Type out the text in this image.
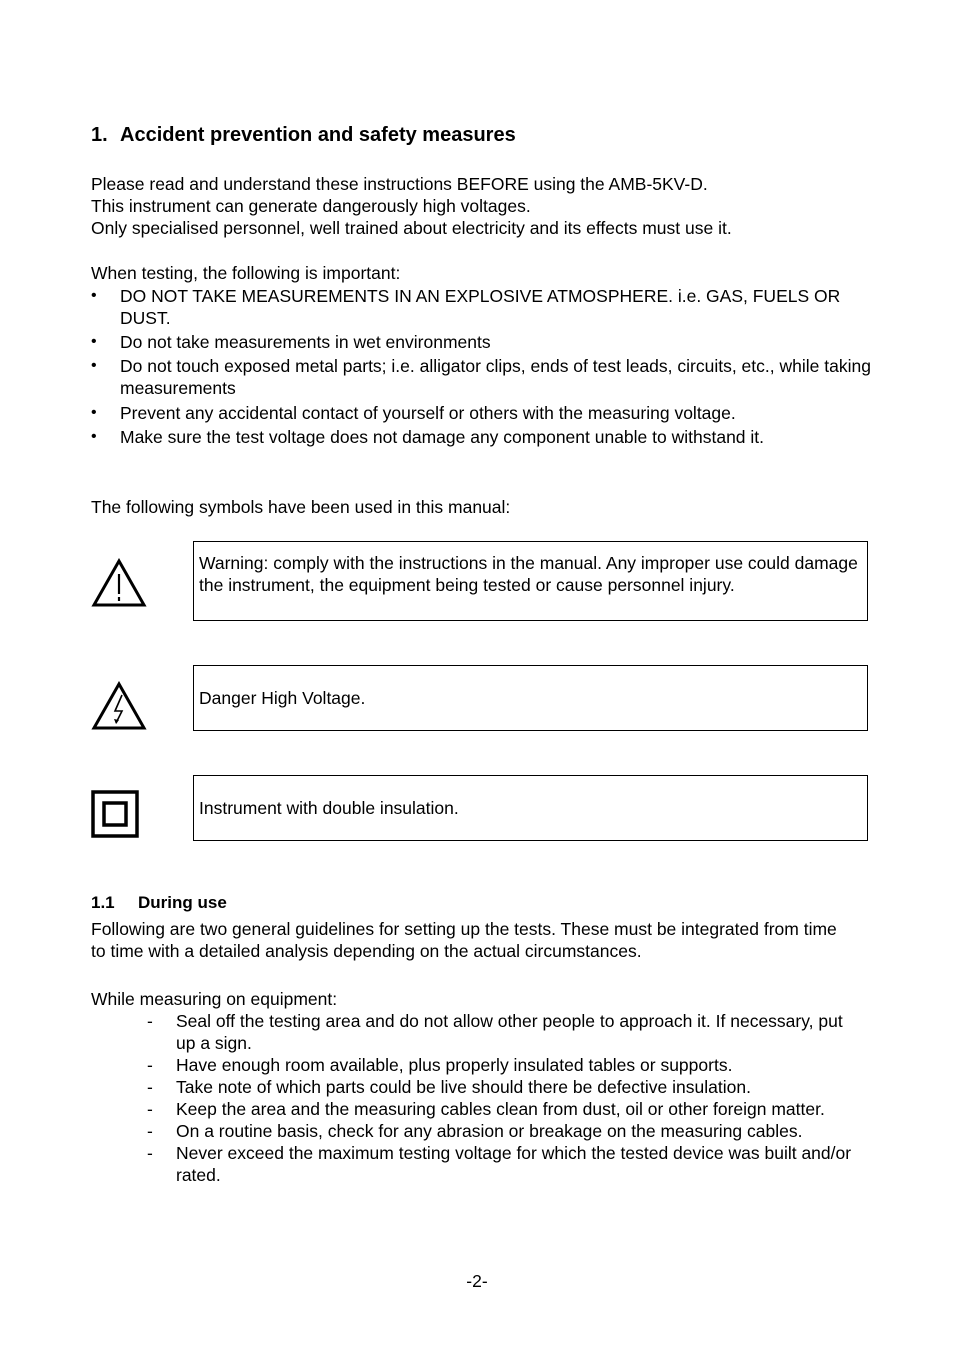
1. Accident prevention and safety measures
Please read and understand these instructions BEFORE using the AMB-5KV-D.
This instrument can generate dangerously high voltages.
Only specialised personnel, well trained about electricity and its effects must use it.

When testing, the following is important:

• DO NOT TAKE MEASUREMENTS IN AN EXPLOSIVE ATMOSPHERE. i.e. GAS, FUELS OR DUST.
• Do not take measurements in wet environments
• Do not touch exposed metal parts; i.e. alligator clips, ends of test leads, circuits, etc., while taking measurements
• Prevent any accidental contact of yourself or others with the measuring voltage.
• Make sure the test voltage does not damage any component unable to withstand it.

The following symbols have been used in this manual:

Warning: comply with the instructions in the manual. Any improper use could damage the instrument, the equipment being tested or cause personnel injury.
Danger High Voltage.
Instrument with double insulation.
1.1 During use

Following are two general guidelines for setting up the tests. These must be integrated from time to time with a detailed analysis depending on the actual circumstances.

While measuring on equipment:

- Seal off the testing area and do not allow other people to approach it. If necessary, put up a sign.
- Have enough room available, plus properly insulated tables or supports.
- Take note of which parts could be live should there be defective insulation.
- Keep the area and the measuring cables clean from dust, oil or other foreign matter.
- On a routine basis, check for any abrasion or breakage on the measuring cables.
- Never exceed the maximum testing voltage for which the tested device was built and/or rated.

-2-
